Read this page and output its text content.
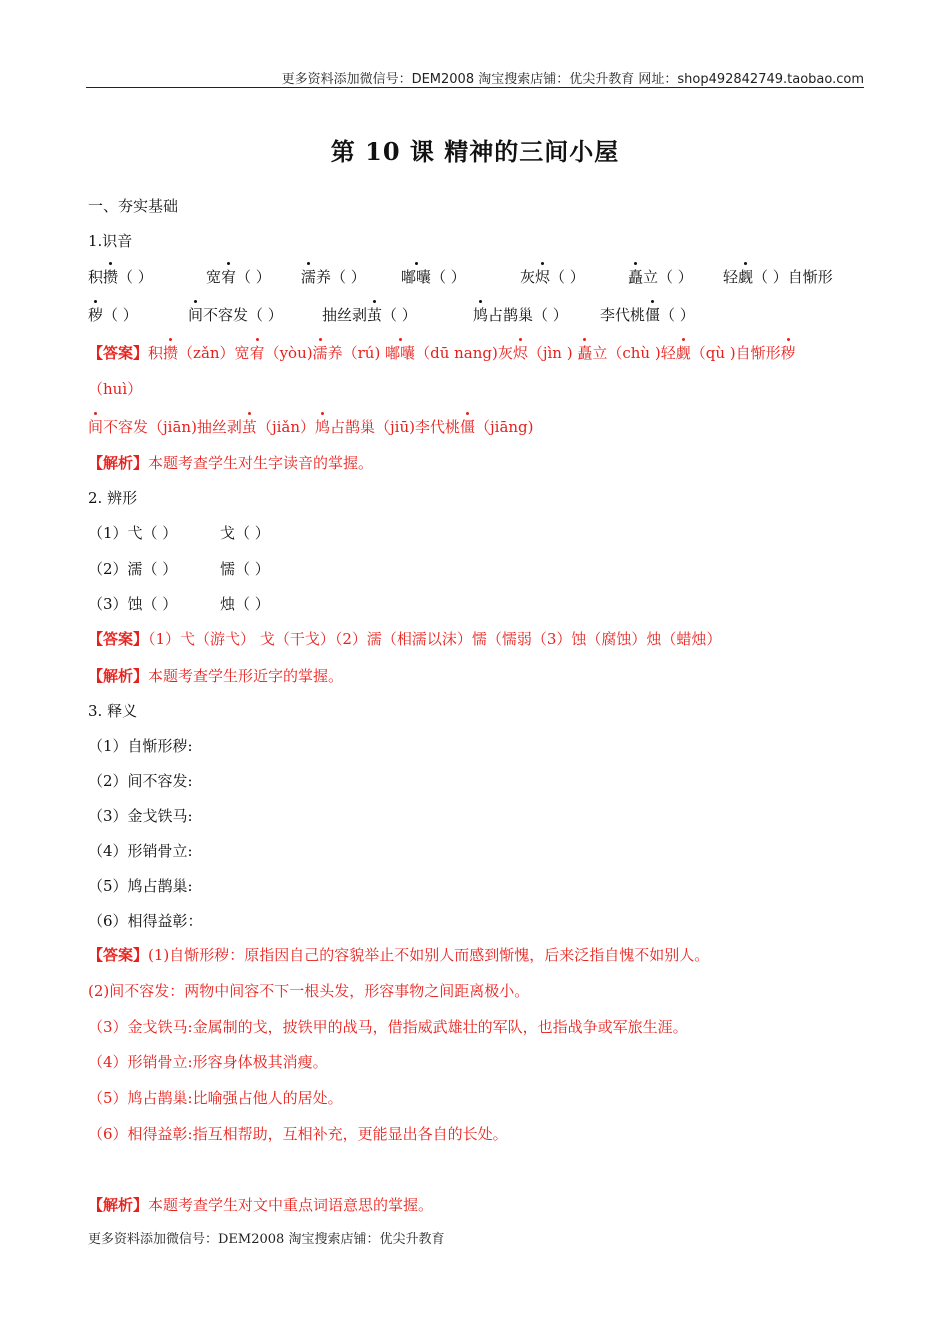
更多资料添加微信号：DEM2008 淘宝搜索店铺：优尖升教育 网址：shop492842749.taobao.com
第 10 课 精神的三间小屋
一、夯实基础
1.识音
积攒（ ）	宽宥（ ） 濡养（ ） 嘟囔（ ）	灰烬（ ）	矗立（ ） 轻觑（ ）自惭形
秽（ ）	间不容发（ ）	抽丝剥茧（ ）	鸠占鹊巢（ ） 李代桃僵（ ）
【答案】积攒（zǎn）宽宥（yòu)濡养（rú) 嘟囔（dū nang)灰烬（jìn ) 矗立（chù )轻觑（qù )自惭形秽
（huì）
间不容发（jiān)抽丝剥茧（jiǎn）鸠占鹊巢（jiū)李代桃僵（jiāng)
【解析】本题考查学生对生字读音的掌握。
2. 辨形
（1）弋（ ）	戈（ ）
（2）濡（ ）	懦（ ）
（3）蚀（ ）	烛（ ）
【答案】（1）弋（游弋） 戈（干戈）（2）濡（相濡以沫）懦（懦弱（3）蚀（腐蚀）烛（蜡烛）
【解析】本题考查学生形近字的掌握。
3. 释义
（1）自惭形秽:
（2）间不容发:
（3）金戈铁马:
（4）形销骨立:
（5）鸠占鹊巢:
（6）相得益彰：
【答案】(1)自惭形秽：原指因自己的容貌举止不如别人而感到惭愧，后来泛指自愧不如别人。
(2)间不容发：两物中间容不下一根头发，形容事物之间距离极小。
（3）金戈铁马:金属制的戈，披铁甲的战马，借指威武雄壮的军队，也指战争或军旅生涯。
（4）形销骨立:形容身体极其消瘦。
（5）鸠占鹊巢:比喻强占他人的居处。
（6）相得益彰:指互相帮助，互相补充，更能显出各自的长处。
【解析】本题考查学生对文中重点词语意思的掌握。
更多资料添加微信号：DEM2008 淘宝搜索店铺：优尖升教育
